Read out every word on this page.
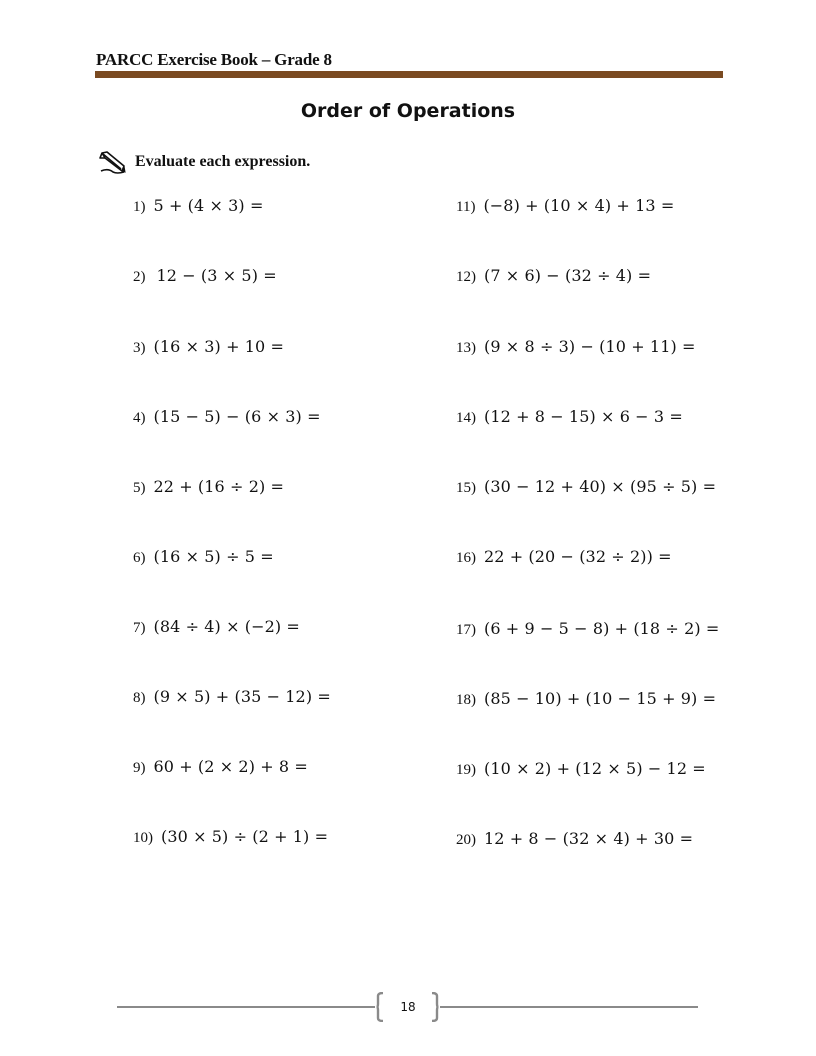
PARCC Exercise Book – Grade 8
Order of Operations
Evaluate each expression.
1) 5 + (4 × 3) =
2) 12 − (3 × 5) =
3) (16 × 3) + 10 =
4) (15 − 5) − (6 × 3) =
5) 22 + (16 ÷ 2) =
6) (16 × 5) ÷ 5 =
7) (84 ÷ 4) × (−2) =
8) (9 × 5) + (35 − 12) =
9) 60 + (2 × 2) + 8 =
10) (30 × 5) ÷ (2 + 1) =
11) (−8) + (10 × 4) + 13 =
12) (7 × 6) − (32 ÷ 4) =
13) (9 × 8 ÷ 3) − (10 + 11) =
14) (12 + 8 − 15) × 6 − 3 =
15) (30 − 12 + 40) × (95 ÷ 5) =
16) 22 + (20 − (32 ÷ 2)) =
17) (6 + 9 − 5 − 8) + (18 ÷ 2) =
18) (85 − 10) + (10 − 15 + 9) =
19) (10 × 2) + (12 × 5) − 12 =
20) 12 + 8 − (32 × 4) + 30 =
18
